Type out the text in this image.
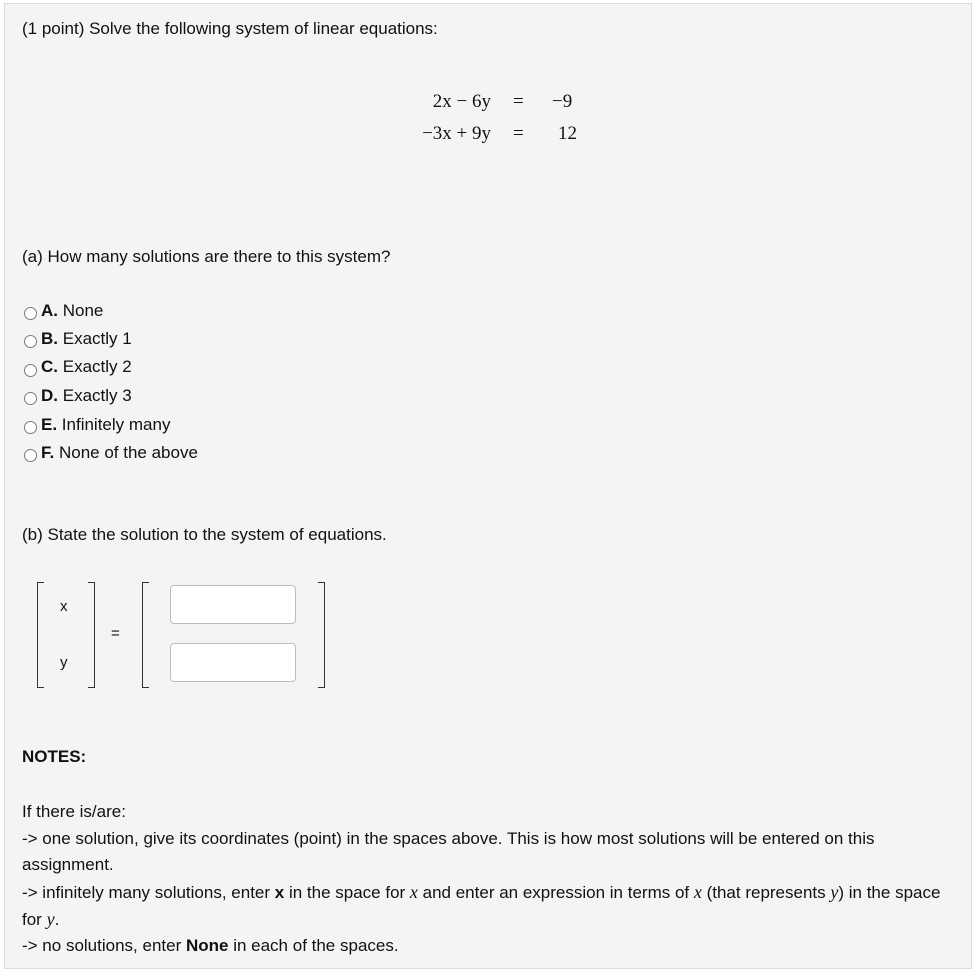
(1 point) Solve the following system of linear equations:
2x − 6y = −9
−3x + 9y = 12
(a) How many solutions are there to this system?
A. None
B. Exactly 1
C. Exactly 2
D. Exactly 3
E. Infinitely many
F. None of the above
(b) State the solution to the system of equations.
x
y
=
NOTES:
If there is/are:
-> one solution, give its coordinates (point) in the spaces above. This is how most solutions will be entered on this assignment.
-> infinitely many solutions, enter x in the space for x and enter an expression in terms of x (that represents y) in the space for y.
-> no solutions, enter None in each of the spaces.
